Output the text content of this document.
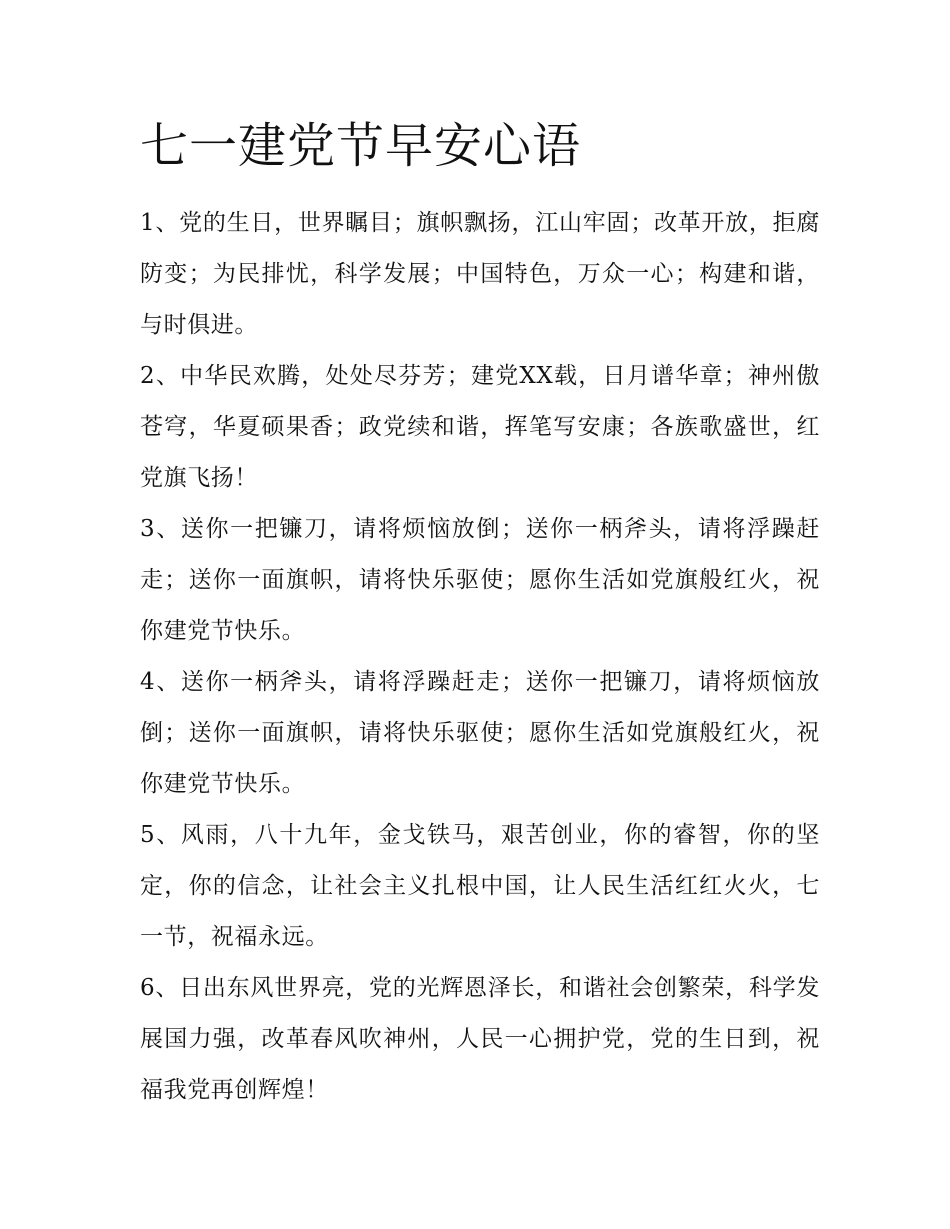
七一建党节早安心语

1、党的生日，世界瞩目；旗帜飘扬，江山牢固；改革开放，拒腐防变；为民排忧，科学发展；中国特色，万众一心；构建和谐，与时俱进。

2、中华民欢腾，处处尽芬芳；建党XX载，日月谱华章；神州傲苍穹，华夏硕果香；政党续和谐，挥笔写安康；各族歌盛世，红党旗飞扬！

3、送你一把镰刀，请将烦恼放倒；送你一柄斧头，请将浮躁赶走；送你一面旗帜，请将快乐驱使；愿你生活如党旗般红火，祝你建党节快乐。

4、送你一柄斧头，请将浮躁赶走；送你一把镰刀，请将烦恼放倒；送你一面旗帜，请将快乐驱使；愿你生活如党旗般红火，祝你建党节快乐。

5、风雨，八十九年，金戈铁马，艰苦创业，你的睿智，你的坚定，你的信念，让社会主义扎根中国，让人民生活红红火火，七一节，祝福永远。

6、日出东风世界亮，党的光辉恩泽长，和谐社会创繁荣，科学发展国力强，改革春风吹神州，人民一心拥护党，党的生日到，祝福我党再创辉煌！
